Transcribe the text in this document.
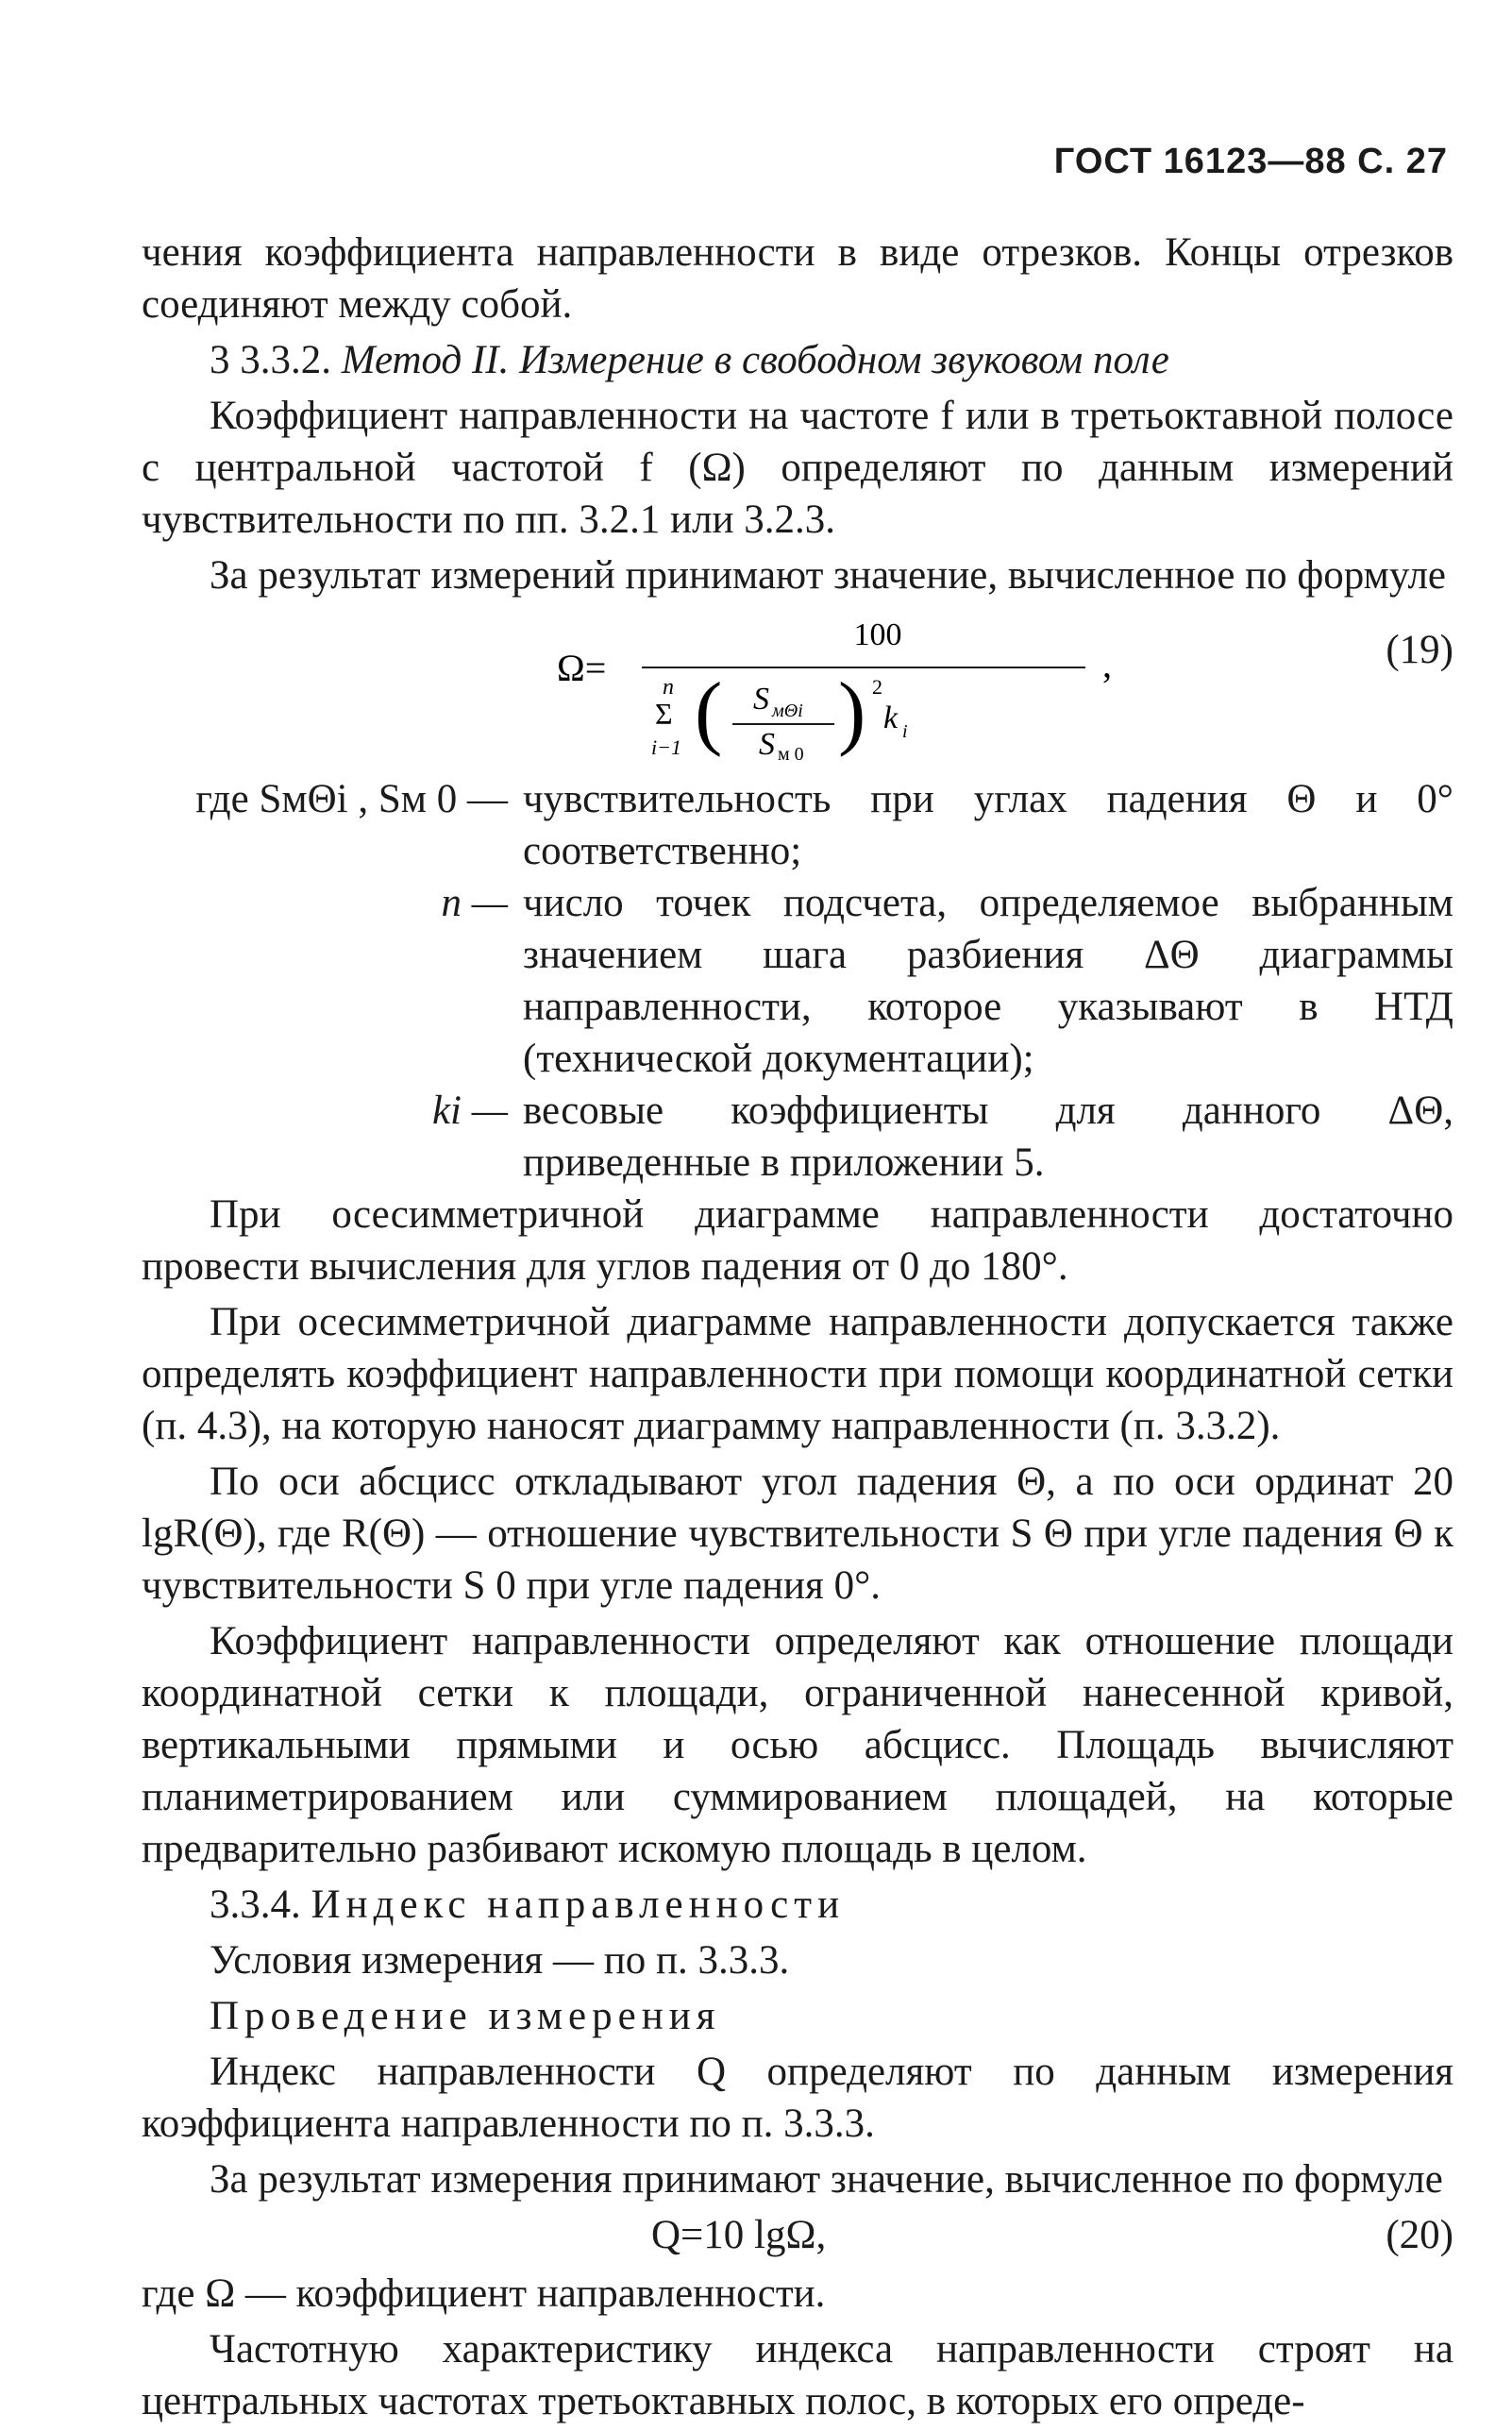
ГОСТ 16123—88 С. 27

чения коэффициента направленности в виде отрезков. Концы отрезков соединяют между собой.

3 3.3.2. Метод II. Измерение в свободном звуковом поле

Коэффициент направленности на частоте f или в третьоктавной полосе с центральной частотой f (Ω) определяют по данным измерений чувствительности по пп. 3.2.1 или 3.2.3.

За результат измерений принимают значение, вычисленное по формуле

Ω=
100
n
Σ
i−1 ( S мΘi
S м 0 ) 2
k i
,	(19)
где SмΘi , Sм 0 — чувствительность при углах падения Θ и 0° соответственно;
n — число точек подсчета, определяемое выбранным значением шага разбиения ΔΘ диаграммы направленности, которое указывают в НТД (технической документации);
ki — весовые коэффициенты для данного ΔΘ, приведенные в приложении 5.

При осесимметричной диаграмме направленности достаточно провести вычисления для углов падения от 0 до 180°.

При осесимметричной диаграмме направленности допускается также определять коэффициент направленности при помощи координатной сетки (п. 4.3), на которую наносят диаграмму направленности (п. 3.3.2).

По оси абсцисс откладывают угол падения Θ, а по оси ординат 20 lgR(Θ), где R(Θ) — отношение чувствительности S Θ при угле падения Θ к чувствительности S 0 при угле падения 0°.

Коэффициент направленности определяют как отношение площади координатной сетки к площади, ограниченной нанесенной кривой, вертикальными прямыми и осью абсцисс. Площадь вычисляют планиметрированием или суммированием площадей, на которые предварительно разбивают искомую площадь в целом.

3.3.4. Индекс направленности

Условия измерения — по п. 3.3.3.

Проведение измерения

Индекс направленности Q определяют по данным измерения коэффициента направленности по п. 3.3.3.

За результат измерения принимают значение, вычисленное по формуле

Q=10 lgΩ,	(20)

где Ω — коэффициент направленности.

Частотную характеристику индекса направленности строят на центральных частотах третьоктавных полос, в которых его опреде-
